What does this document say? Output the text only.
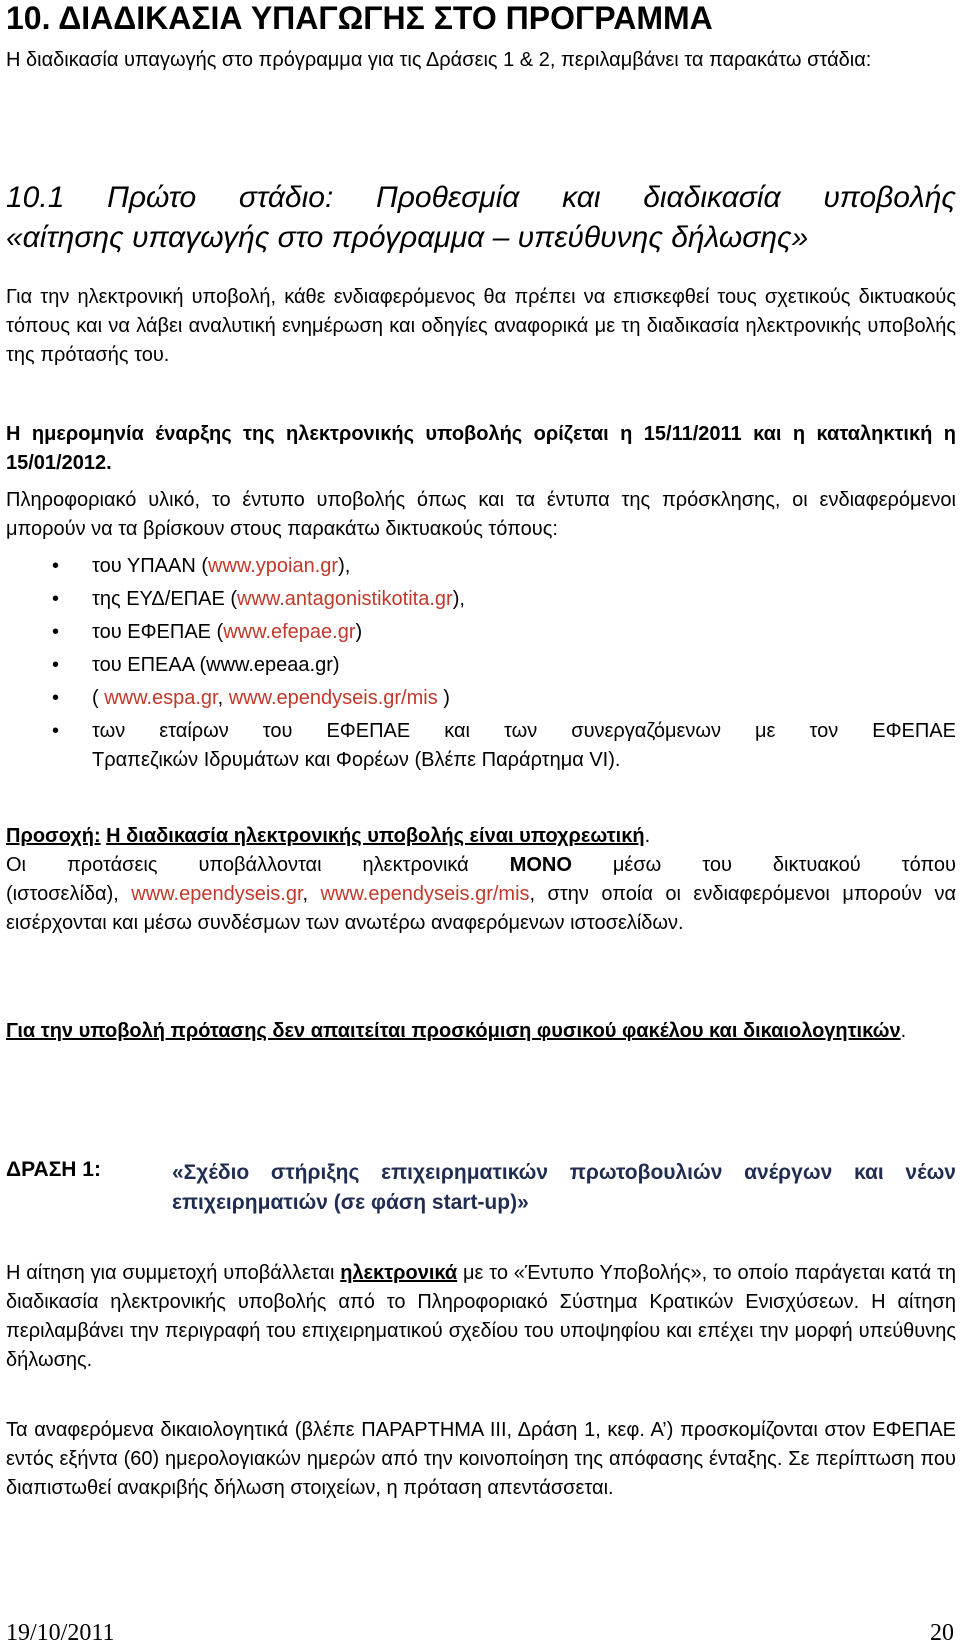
10. ΔΙΑΔΙΚΑΣΙΑ ΥΠΑΓΩΓΗΣ ΣΤΟ ΠΡΟΓΡΑΜΜΑ
Η διαδικασία υπαγωγής στο πρόγραμμα για τις Δράσεις 1 & 2, περιλαμβάνει τα παρακάτω στάδια:
10.1 Πρώτο στάδιο: Προθεσμία και διαδικασία υποβολής
«αίτησης υπαγωγής στο πρόγραμμα – υπεύθυνης δήλωσης»
Για την ηλεκτρονική υποβολή, κάθε ενδιαφερόμενος θα πρέπει να επισκεφθεί τους σχετικούς δικτυακούς τόπους και να λάβει αναλυτική ενημέρωση και οδηγίες αναφορικά με τη διαδικασία ηλεκτρονικής υποβολής της πρότασής του.
Η ημερομηνία έναρξης της ηλεκτρονικής υποβολής ορίζεται η 15/11/2011 και η καταληκτική η 15/01/2012.
Πληροφοριακό υλικό, το έντυπο υποβολής όπως και τα έντυπα της πρόσκλησης, οι ενδιαφερόμενοι μπορούν να τα βρίσκουν στους παρακάτω δικτυακούς τόπους:
• του ΥΠΑΑΝ (www.ypoian.gr),
• της ΕΥΔ/ΕΠΑΕ (www.antagonistikotita.gr),
• του ΕΦΕΠΑΕ (www.efepae.gr)
• του ΕΠΕΑΑ (www.epeaa.gr)
• ( www.espa.gr, www.ependyseis.gr/mis )
• των εταίρων του ΕΦΕΠΑΕ και των συνεργαζόμενων με τον ΕΦΕΠΑΕ
Τραπεζικών Ιδρυμάτων και Φορέων (Βλέπε Παράρτημα VI).
Προσοχή: Η διαδικασία ηλεκτρονικής υποβολής είναι υποχρεωτική.
Οι προτάσεις υποβάλλονται ηλεκτρονικά ΜΟΝΟ μέσω του δικτυακού τόπου
(ιστοσελίδα), www.ependyseis.gr, www.ependyseis.gr/mis, στην οποία οι ενδιαφερόμενοι μπορούν να εισέρχονται και μέσω συνδέσμων των ανωτέρω αναφερόμενων ιστοσελίδων.
Για την υποβολή πρότασης δεν απαιτείται προσκόμιση φυσικού φακέλου και δικαιολογητικών.
ΔΡΑΣΗ 1:	«Σχέδιο στήριξης επιχειρηματικών πρωτοβουλιών ανέργων και νέων επιχειρηματιών (σε φάση start-up)»
Η αίτηση για συμμετοχή υποβάλλεται ηλεκτρονικά με το «Έντυπο Υποβολής», το οποίο παράγεται κατά τη διαδικασία ηλεκτρονικής υποβολής από το Πληροφοριακό Σύστημα Κρατικών Ενισχύσεων. Η αίτηση περιλαμβάνει την περιγραφή του επιχειρηματικού σχεδίου του υποψηφίου και επέχει την μορφή υπεύθυνης δήλωσης.
Τα αναφερόμενα δικαιολογητικά (βλέπε ΠΑΡΑΡΤΗΜΑ ΙΙΙ, Δράση 1, κεφ. Α’) προσκομίζονται στον ΕΦΕΠΑΕ εντός εξήντα (60) ημερολογιακών ημερών από την κοινοποίηση της απόφασης ένταξης. Σε περίπτωση που διαπιστωθεί ανακριβής δήλωση στοιχείων, η πρόταση απεντάσσεται.
19/10/2011	20
